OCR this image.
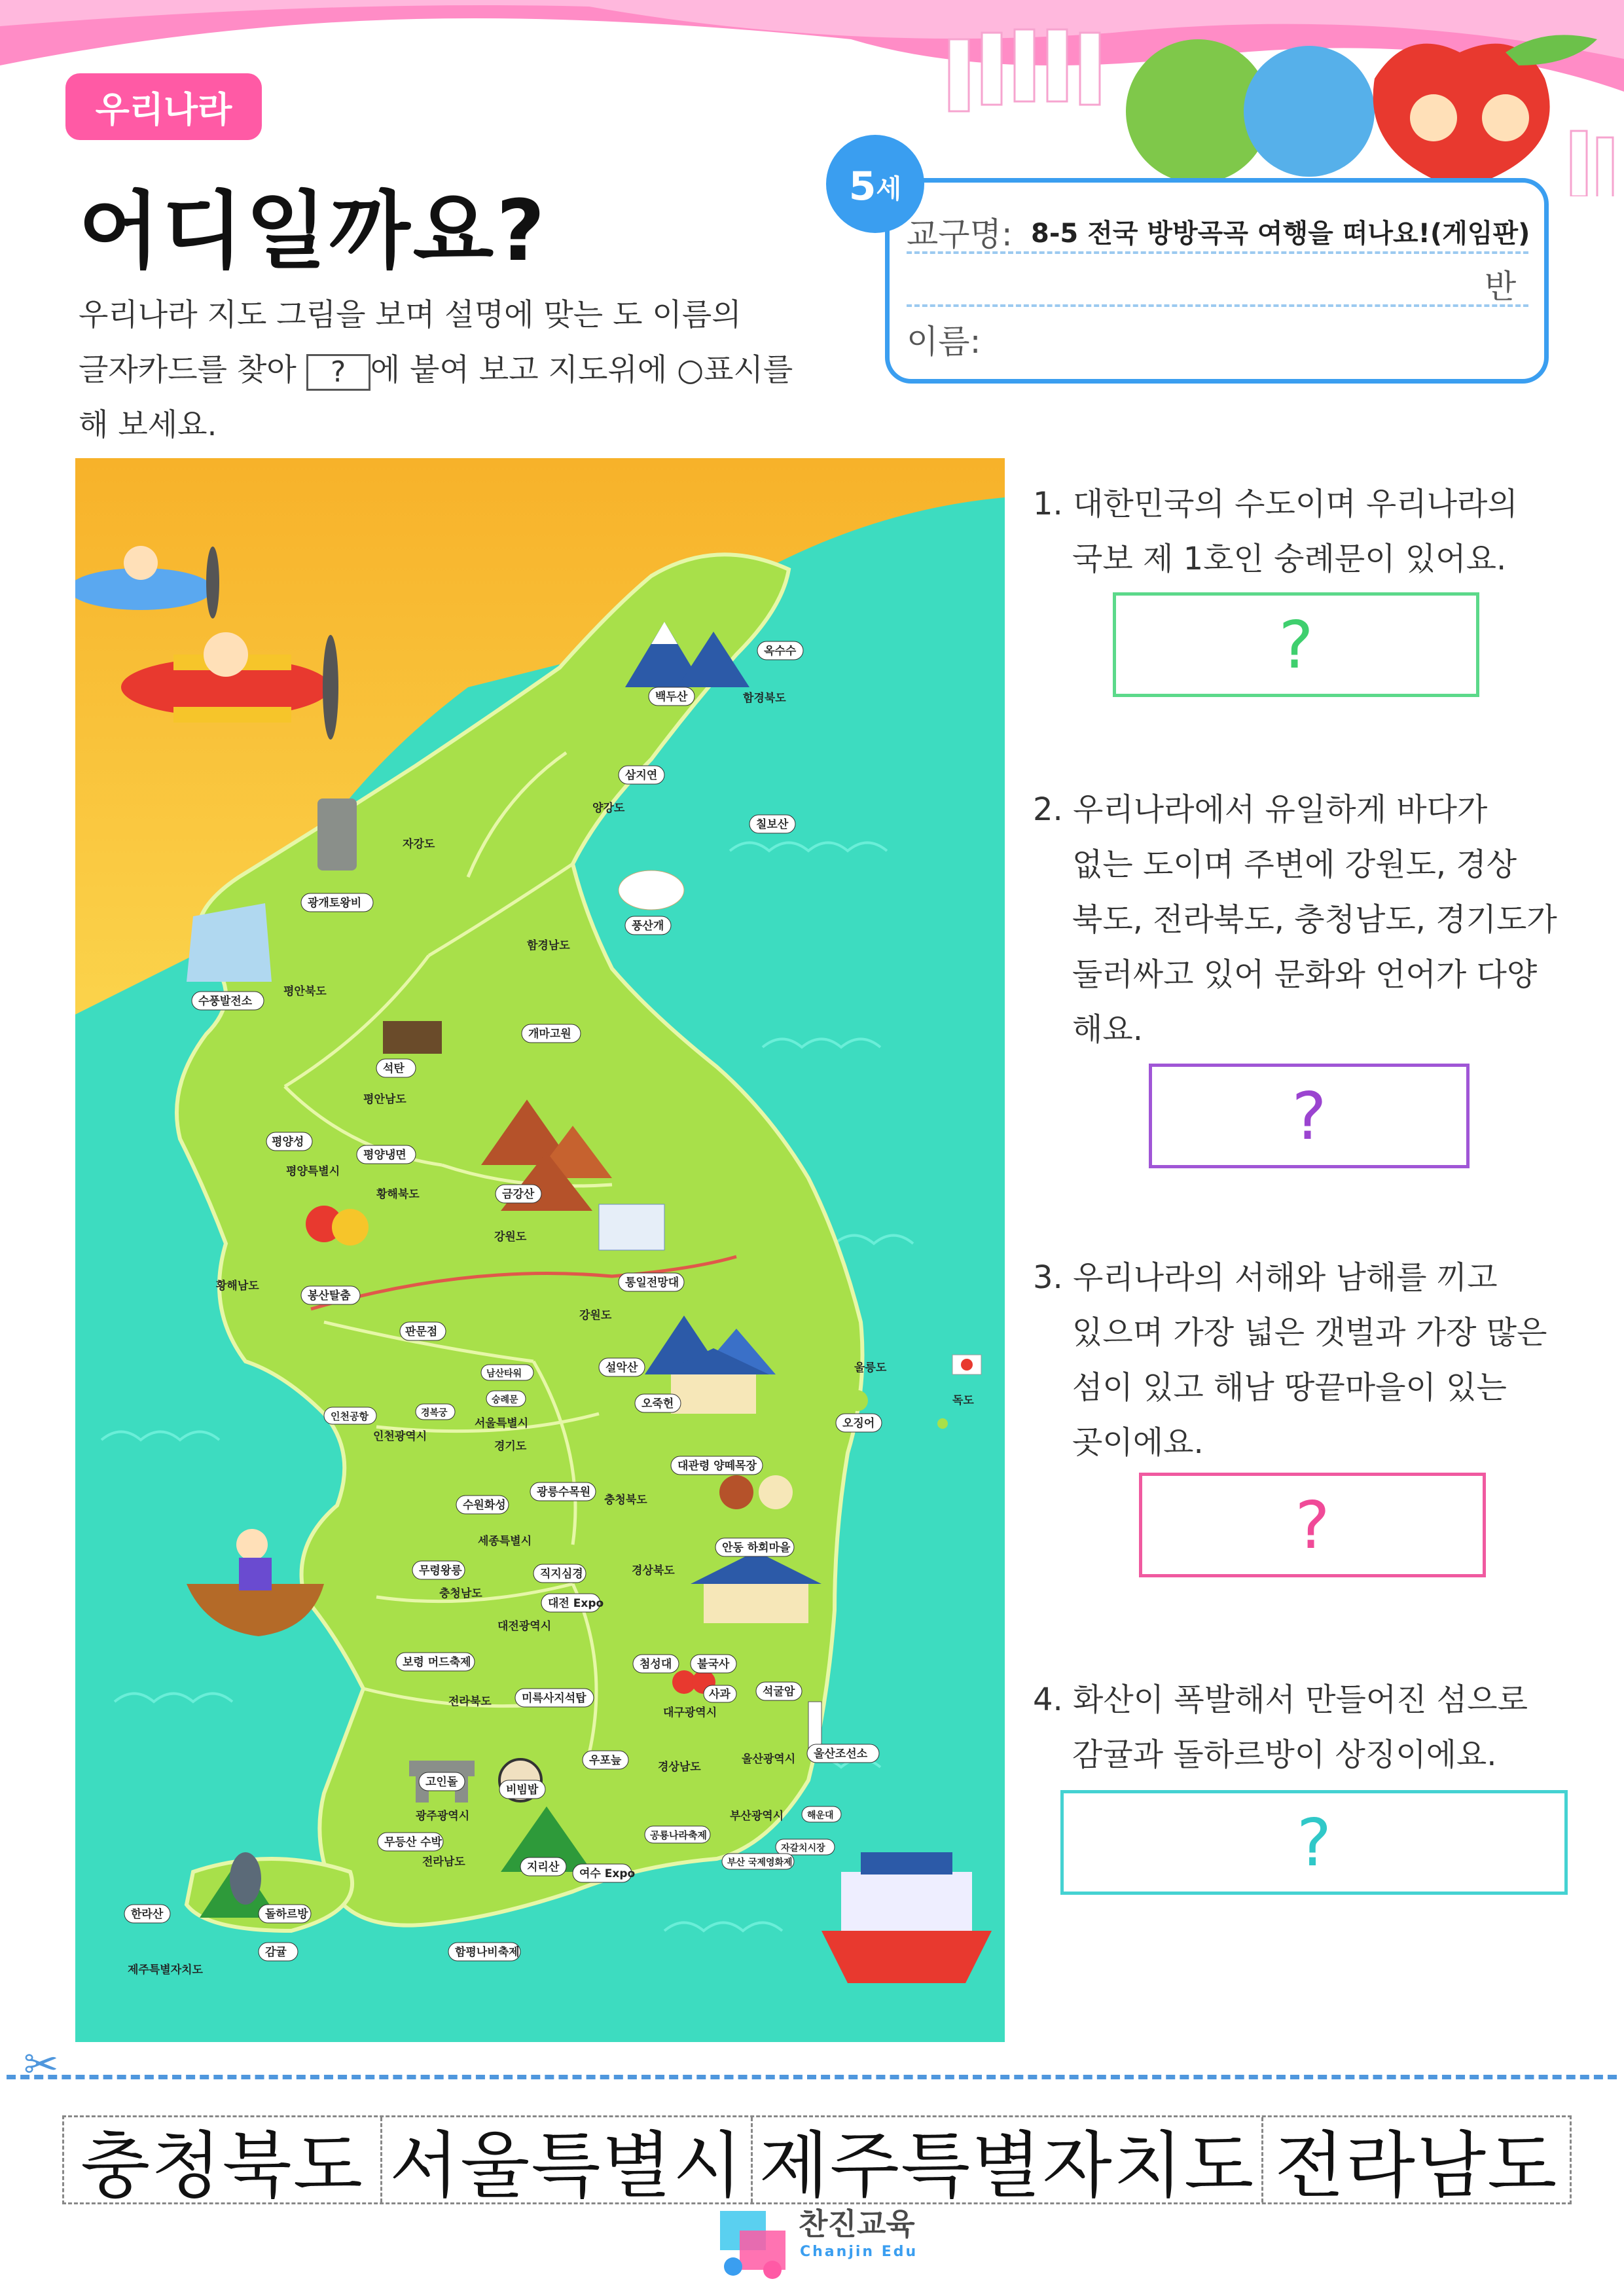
우리나라
어디일까요?
우리나라 지도 그림을 보며 설명에 맞는 도 이름의
글자카드를 찾아 ? 에 붙여 보고 지도위에 ○표시를
해 보세요.
5 세
교구명: 8-5 전국 방방곡곡 여행을 떠나요!(게임판)
반
이름:
함경북도
옥수수
백두산
삼지연
양강도
칠보산
자강도
광개토왕비
풍산개
함경남도
수풍발전소
평안북도
개마고원
석탄
평안남도
평양성
평양냉면
평양특별시
금강산
황해북도
강원도
황해남도
봉산탈춤
통일전망대
판문점
강원도
설악산
남산타워
숭례문
경복궁
인천공항
서울특별시
인천광역시
경기도
오죽헌
울릉도
독도
오징어
대관령 양떼목장
수원화성
광릉수목원
충청북도
세종특별시	안동 하회마을
무령왕릉	직지심경
충청남도
대전 Expo
경상북도
대전광역시
보령 머드축제	첨성대 불국사
석굴암
사과
미륵사지석탑
전라북도
대구광역시
울산조선소
고인돌
우포늪	울산광역시
비빔밥
경상남도
광주광역시	부산광역시	해운대
무등산 수박
공룡나라축제
자갈치시장
전라남도	지리산 여수 Expo
부산 국제영화제
한라산	돌하르방
제주특별자치도
감귤	함평나비축제
1. 대한민국의 수도이며 우리나라의
국보 제 1호인 숭례문이 있어요.
?
2. 우리나라에서 유일하게 바다가
없는 도이며 주변에 강원도, 경상
북도, 전라북도, 충청남도, 경기도가
둘러싸고 있어 문화와 언어가 다양
해요.
?
3. 우리나라의 서해와 남해를 끼고
있으며 가장 넓은 갯벌과 가장 많은
섬이 있고 해남 땅끝마을이 있는
곳이에요.
?
4. 화산이 폭발해서 만들어진 섬으로
감귤과 돌하르방이 상징이에요.
?
✂
충청북도 서울특별시 제주특별자치도 전라남도
찬진교육
Chanjin Edu
